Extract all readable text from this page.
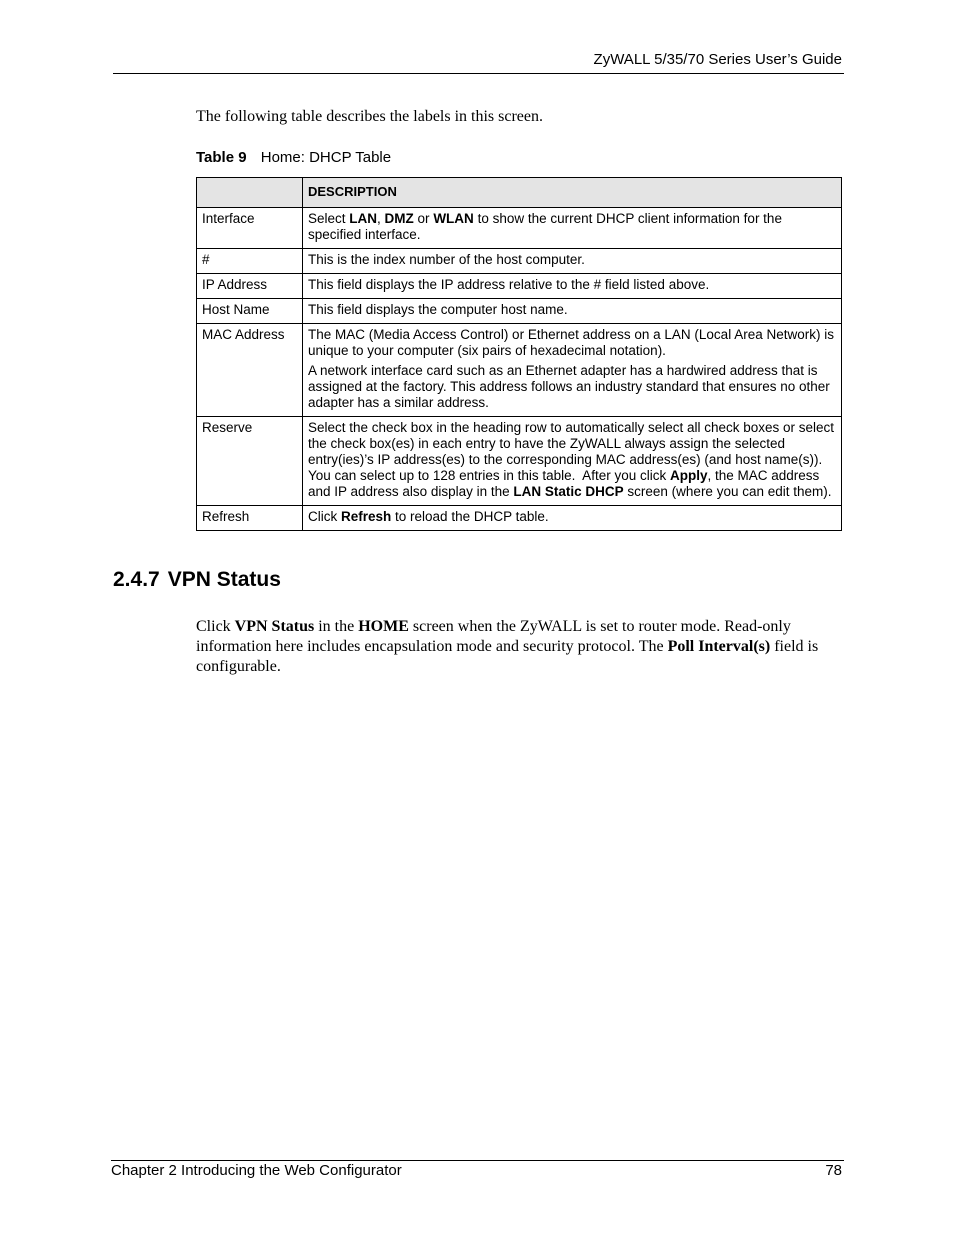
ZyWALL 5/35/70 Series User’s Guide
The following table describes the labels in this screen.
Table 9 Home: DHCP Table
	DESCRIPTION
Interface	Select LAN, DMZ or WLAN to show the current DHCP client information for the specified interface.

#	This is the index number of the host computer.

IP Address	This field displays the IP address relative to the # field listed above.

Host Name	This field displays the computer host name.

MAC Address	The MAC (Media Access Control) or Ethernet address on a LAN (Local Area Network) is unique to your computer (six pairs of hexadecimal notation).

A network interface card such as an Ethernet adapter has a hardwired address that is assigned at the factory. This address follows an industry standard that ensures no other adapter has a similar address.

Reserve	Select the check box in the heading row to automatically select all check boxes or select the check box(es) in each entry to have the ZyWALL always assign the selected entry(ies)’s IP address(es) to the corresponding MAC address(es) (and host name(s)).  You can select up to 128 entries in this table.  After you click Apply, the MAC address and IP address also display in the LAN Static DHCP screen (where you can edit them).

Refresh	Click Refresh to reload the DHCP table.

2.4.7 VPN Status

Click VPN Status in the HOME screen when the ZyWALL is set to router mode. Read-only information here includes encapsulation mode and security protocol. The Poll Interval(s) field is configurable.

Chapter 2 Introducing the Web Configurator	78
